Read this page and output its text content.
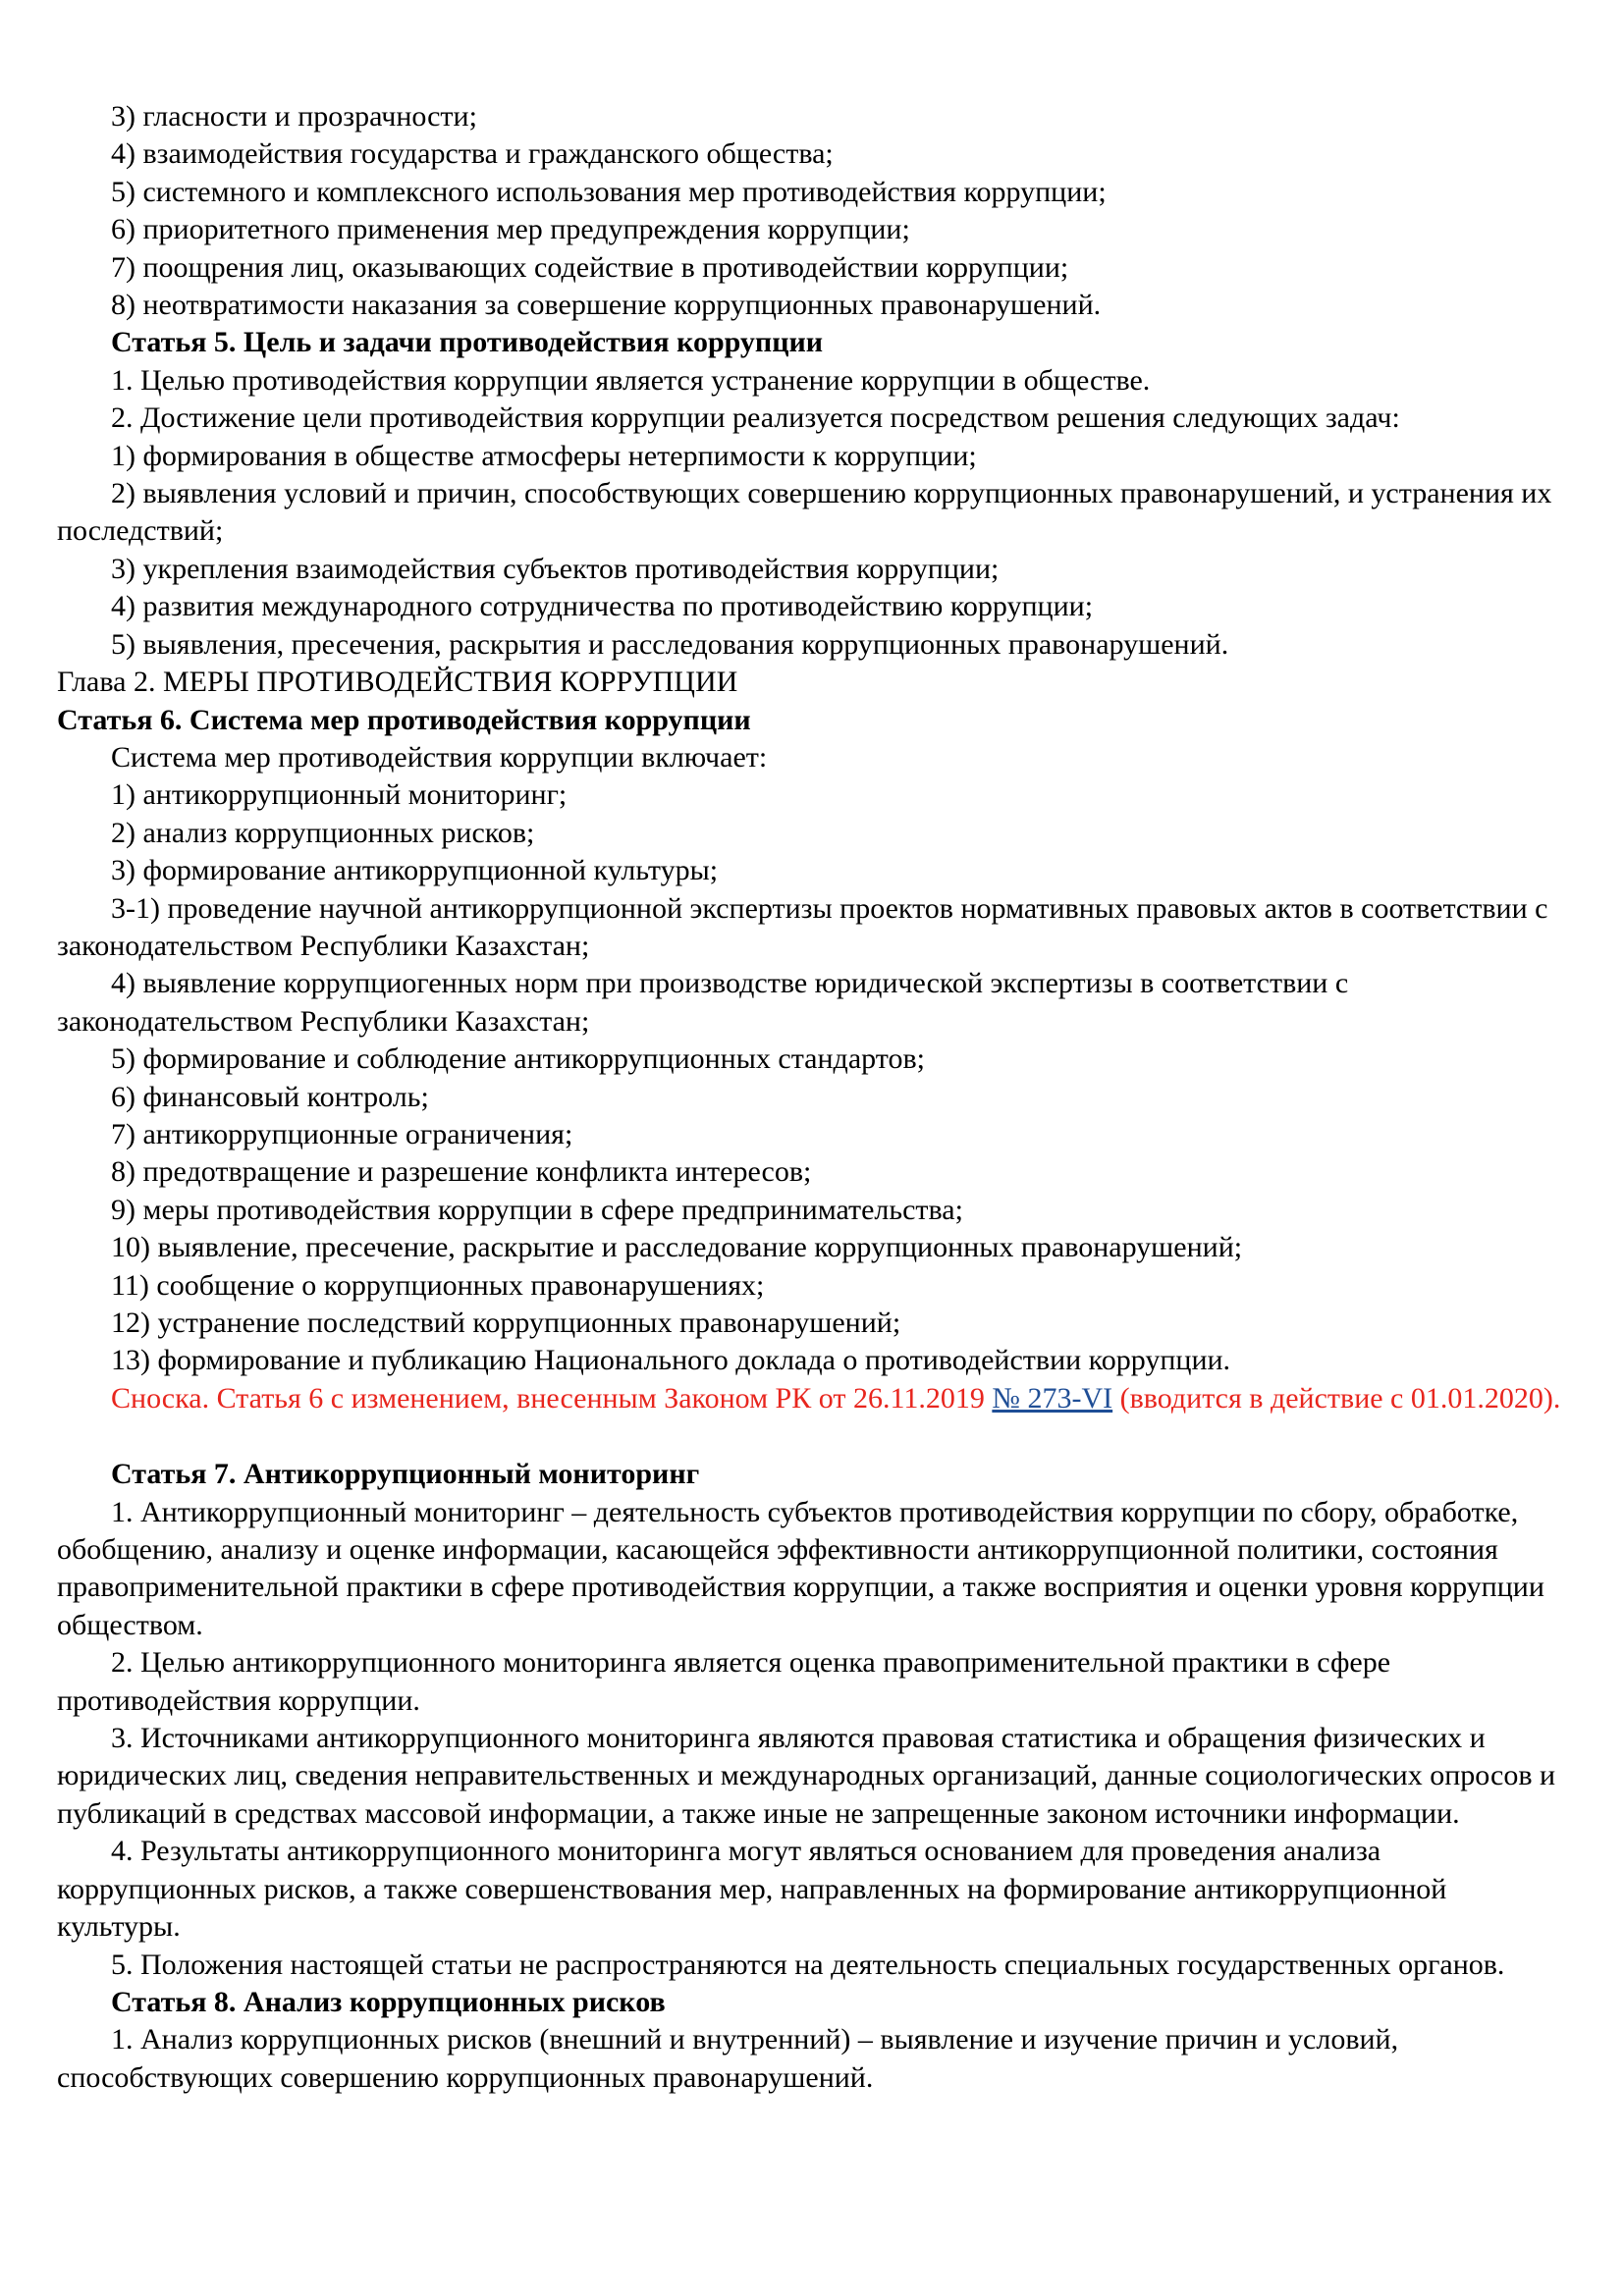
3) гласности и прозрачности;

4) взаимодействия государства и гражданского общества;

5) системного и комплексного использования мер противодействия коррупции;

6) приоритетного применения мер предупреждения коррупции;

7) поощрения лиц, оказывающих содействие в противодействии коррупции;

8) неотвратимости наказания за совершение коррупционных правонарушений.

Статья 5. Цель и задачи противодействия коррупции

1. Целью противодействия коррупции является устранение коррупции в обществе.

2. Достижение цели противодействия коррупции реализуется посредством решения следующих задач:

1) формирования в обществе атмосферы нетерпимости к коррупции;

2) выявления условий и причин, способствующих совершению коррупционных правонарушений, и устранения их последствий;

3) укрепления взаимодействия субъектов противодействия коррупции;

4) развития международного сотрудничества по противодействию коррупции;

5) выявления, пресечения, раскрытия и расследования коррупционных правонарушений.

Глава 2. МЕРЫ ПРОТИВОДЕЙСТВИЯ КОРРУПЦИИ

Статья 6. Система мер противодействия коррупции

Система мер противодействия коррупции включает:

1) антикоррупционный мониторинг;

2) анализ коррупционных рисков;

3) формирование антикоррупционной культуры;

3-1) проведение научной антикоррупционной экспертизы проектов нормативных правовых актов в соответствии с законодательством Республики Казахстан;

4) выявление коррупциогенных норм при производстве юридической экспертизы в соответствии с законодательством Республики Казахстан;

5) формирование и соблюдение антикоррупционных стандартов;

6) финансовый контроль;

7) антикоррупционные ограничения;

8) предотвращение и разрешение конфликта интересов;

9) меры противодействия коррупции в сфере предпринимательства;

10) выявление, пресечение, раскрытие и расследование коррупционных правонарушений;

11) сообщение о коррупционных правонарушениях;

12) устранение последствий коррупционных правонарушений;

13) формирование и публикацию Национального доклада о противодействии коррупции.

Сноска. Статья 6 с изменением, внесенным Законом РК от 26.11.2019 № 273-VI (вводится в действие с 01.01.2020).

Статья 7. Антикоррупционный мониторинг

1. Антикоррупционный мониторинг – деятельность субъектов противодействия коррупции по сбору, обработке, обобщению, анализу и оценке информации, касающейся эффективности антикоррупционной политики, состояния правоприменительной практики в сфере противодействия коррупции, а также восприятия и оценки уровня коррупции обществом.

2. Целью антикоррупционного мониторинга является оценка правоприменительной практики в сфере противодействия коррупции.

3. Источниками антикоррупционного мониторинга являются правовая статистика и обращения физических и юридических лиц, сведения неправительственных и международных организаций, данные социологических опросов и публикаций в средствах массовой информации, а также иные не запрещенные законом источники информации.

4. Результаты антикоррупционного мониторинга могут являться основанием для проведения анализа коррупционных рисков, а также совершенствования мер, направленных на формирование антикоррупционной культуры.

5. Положения настоящей статьи не распространяются на деятельность специальных государственных органов.

Статья 8. Анализ коррупционных рисков

1. Анализ коррупционных рисков (внешний и внутренний) – выявление и изучение причин и условий, способствующих совершению коррупционных правонарушений.
